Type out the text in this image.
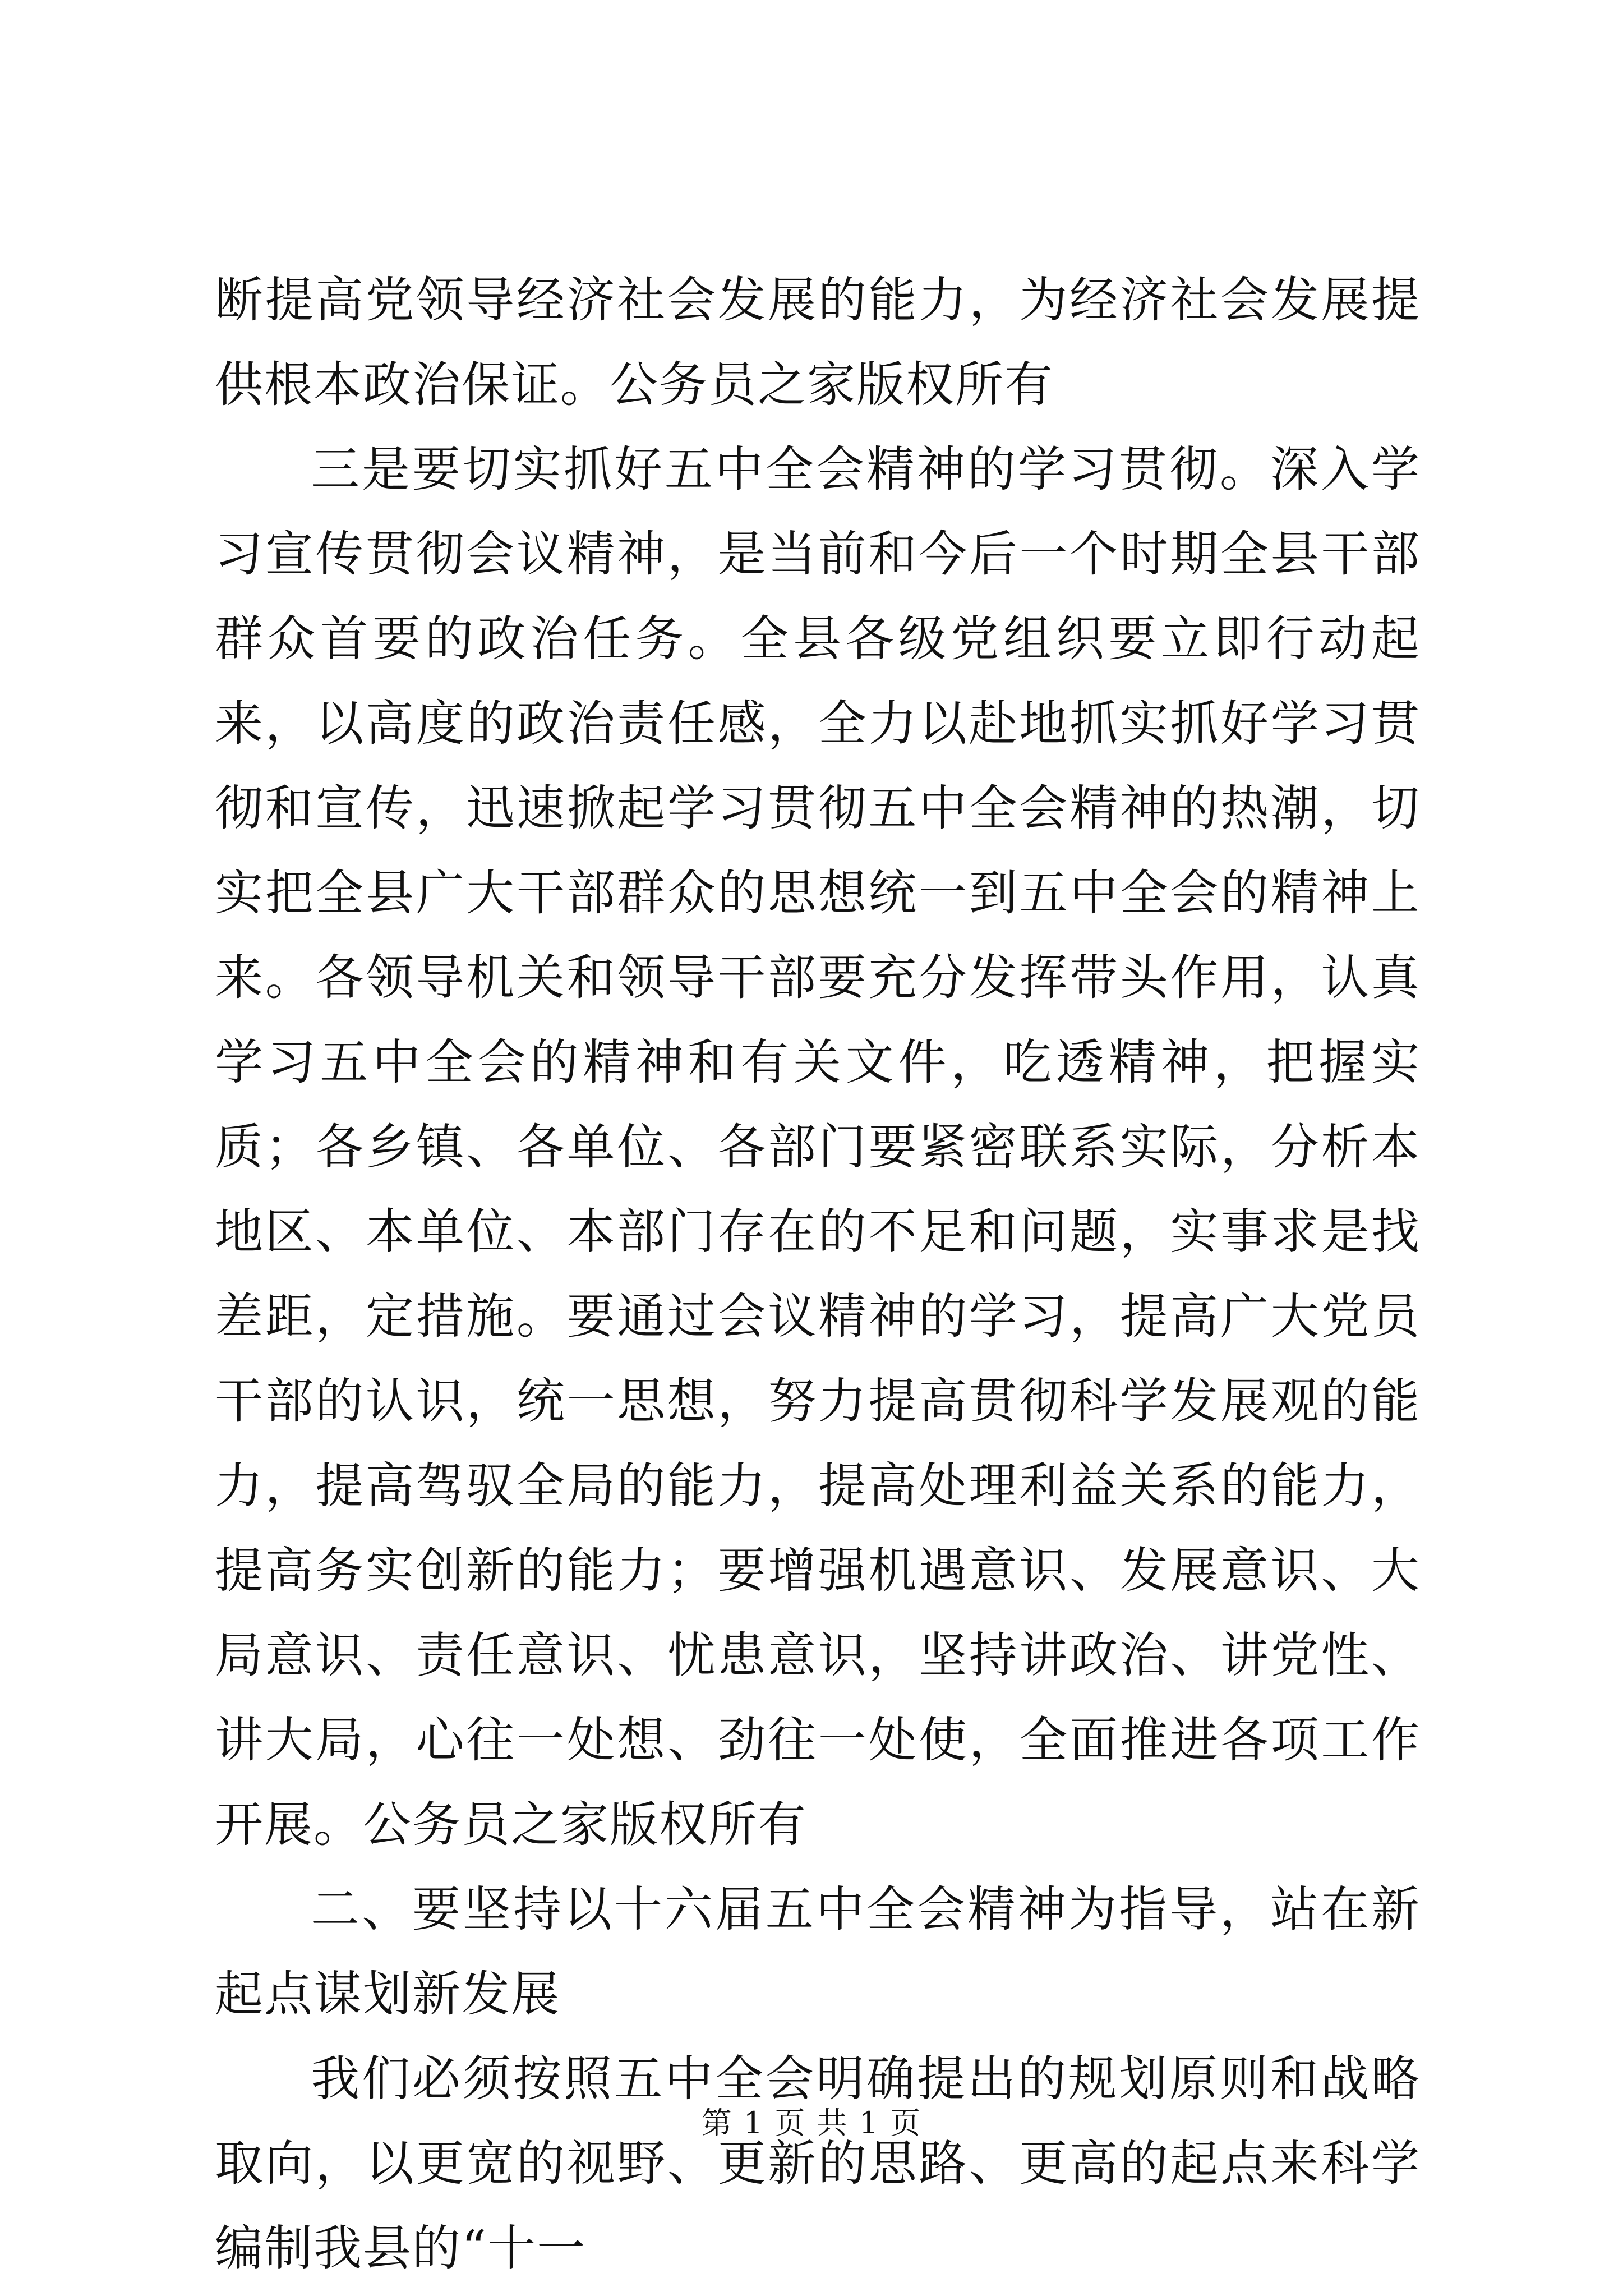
断提高党领导经济社会发展的能力，为经济社会发展提供根本政治保证。公务员之家版权所有

三是要切实抓好五中全会精神的学习贯彻。深入学习宣传贯彻会议精神，是当前和今后一个时期全县干部群众首要的政治任务。全县各级党组织要立即行动起来，以高度的政治责任感，全力以赴地抓实抓好学习贯彻和宣传，迅速掀起学习贯彻五中全会精神的热潮，切实把全县广大干部群众的思想统一到五中全会的精神上来。各领导机关和领导干部要充分发挥带头作用，认真学习五中全会的精神和有关文件，吃透精神，把握实质；各乡镇、各单位、各部门要紧密联系实际，分析本地区、本单位、本部门存在的不足和问题，实事求是找差距，定措施。要通过会议精神的学习，提高广大党员干部的认识，统一思想，努力提高贯彻科学发展观的能力，提高驾驭全局的能力，提高处理利益关系的能力，提高务实创新的能力；要增强机遇意识、发展意识、大局意识、责任意识、忧患意识，坚持讲政治、讲党性、讲大局，心往一处想、劲往一处使，全面推进各项工作开展。公务员之家版权所有

二、要坚持以十六届五中全会精神为指导，站在新起点谋划新发展

我们必须按照五中全会明确提出的规划原则和战略取向，以更宽的视野、更新的思路、更高的起点来科学编制我县的“十一

第 1 页 共 1 页
